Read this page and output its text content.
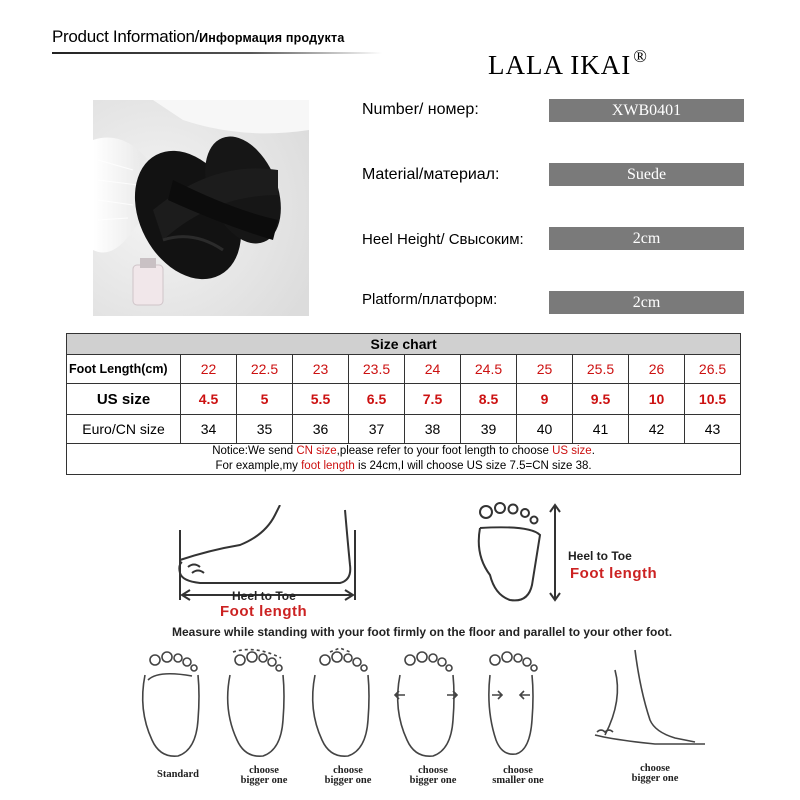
Product Information/Информация продукта
LALA IKAI ®
Number/ номер:	XWB0401
Material/материал:	Suede
Heel Height/ Свысоким:	2cm
Platform/платформ:	2cm
Size chart										
Foot Length(cm)	22	22.5	23	23.5	24	24.5	25	25.5	26	26.5
US size	4.5	5	5.5	6.5	7.5	8.5	9	9.5	10	10.5
Euro/CN size	34	35	36	37	38	39	40	41	42	43
Notice:We send CN size,please refer to your foot length to choose US size.
For example,my foot length is 24cm,I will choose US size 7.5=CN size 38.										
Heel to Toe
Foot length
Heel to Toe
Foot length
Measure while standing with your foot firmly on the floor and parallel to your other foot.
Standard	choose
bigger one
choose
bigger one
choose
bigger one
choose
smaller one
choose
bigger one
